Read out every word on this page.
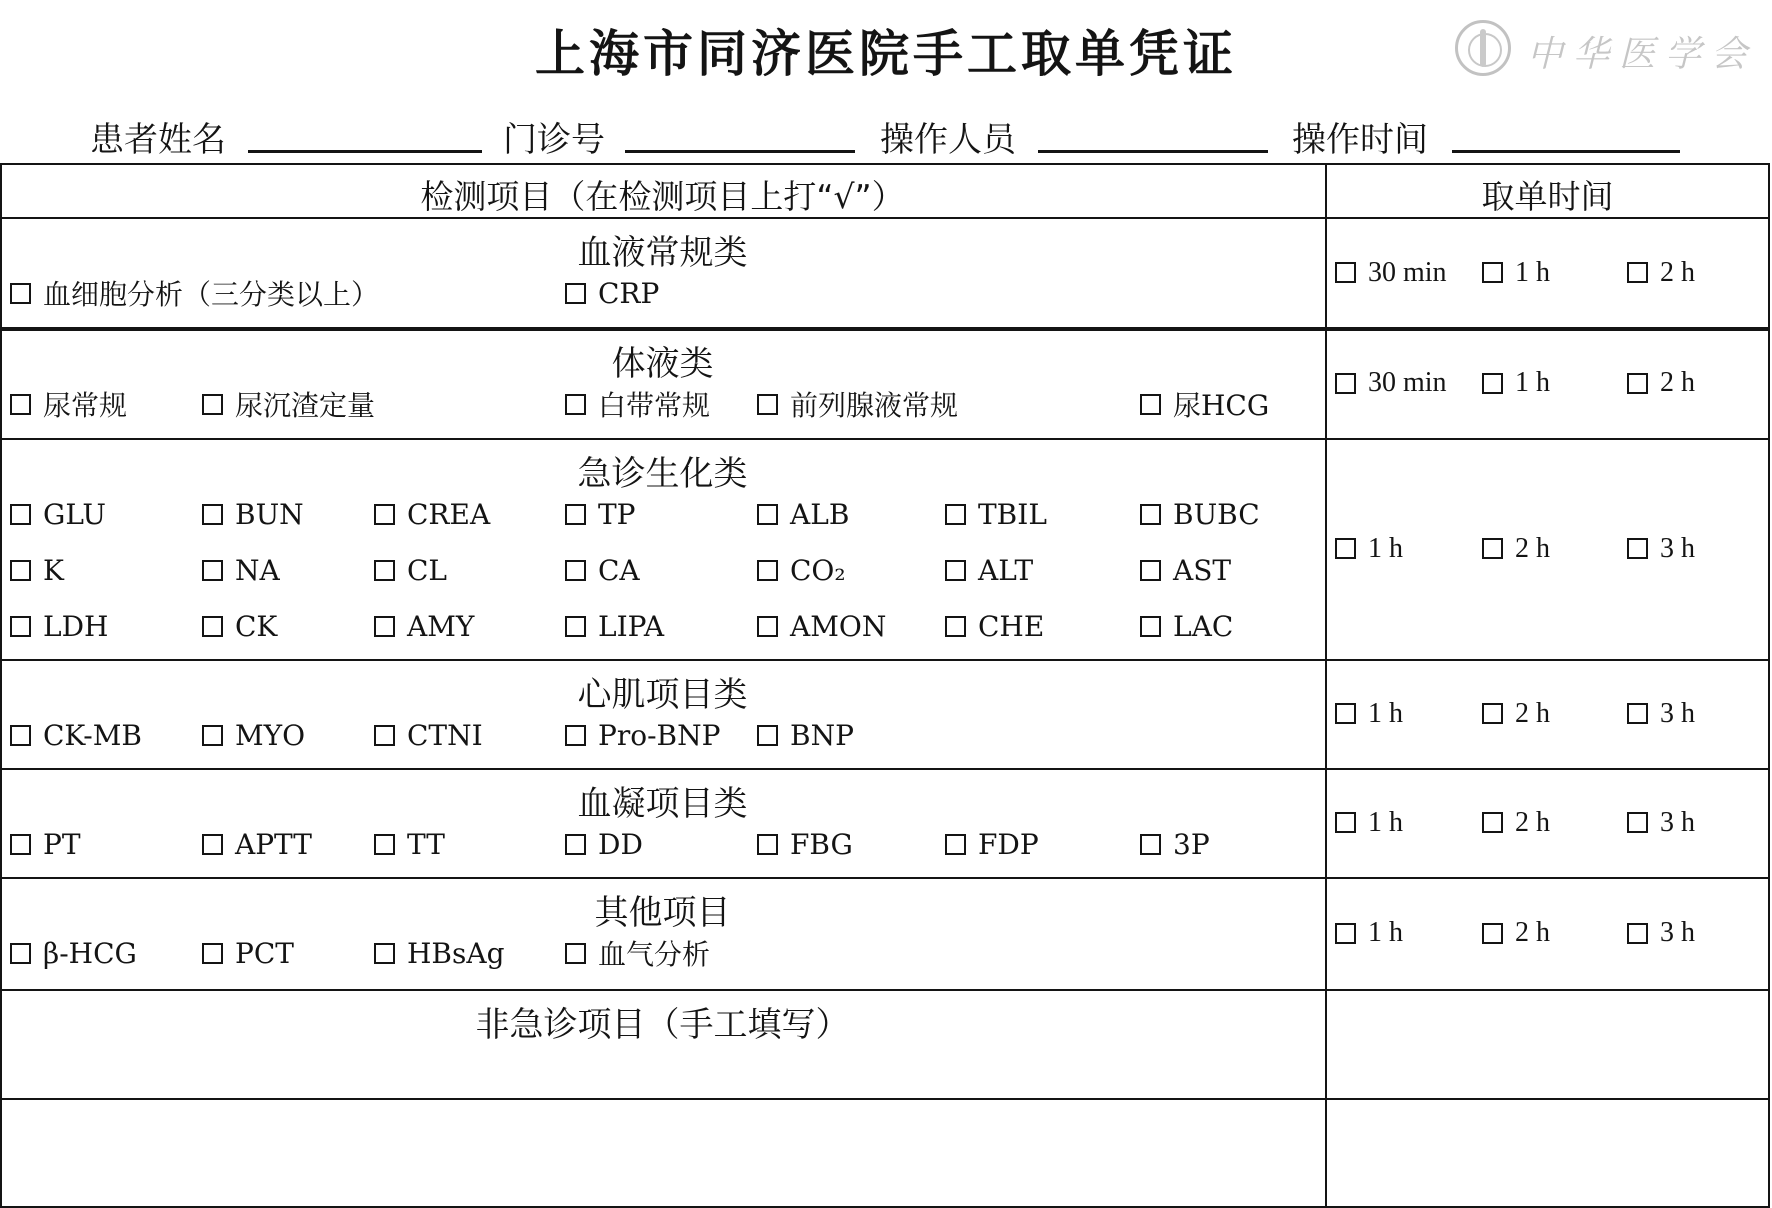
上海市同济医院手工取单凭证	中华医学会
患者姓名	门诊号	操作人员	操作时间
检测项目（在检测项目上打“√”）	取单时间
血液常规类
血细胞分析（三分类以上）	CRP
30 min 1 h	2 h
体液类
尿常规	尿沉渣定量	白带常规	前列腺液常规	尿HCG
30 min 1 h	2 h
急诊生化类
GLU	BUN	CREA	TP	ALB	TBIL	BUBC
K	NA	CL	CA	CO₂	ALT	AST
LDH	CK	AMY	LIPA	AMON	CHE	LAC
1 h	2 h	3 h
心肌项目类
CK-MB	MYO	CTNI	Pro-BNP BNP
1 h	2 h	3 h
血凝项目类
PT	APTT	TT	DD	FBG	FDP	3P
1 h	2 h	3 h
其他项目
β-HCG	PCT	HBsAg	血气分析
1 h	2 h	3 h
非急诊项目（手工填写）
